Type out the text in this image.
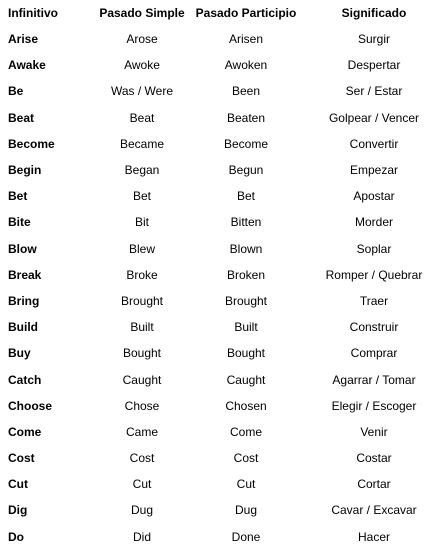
Infinitivo	Pasado Simple	Pasado Participio	Significado
Arise	Arose	Arisen	Surgir
Awake	Awoke	Awoken	Despertar
Be	Was / Were	Been	Ser / Estar
Beat	Beat	Beaten	Golpear / Vencer
Become	Became	Become	Convertir
Begin	Began	Begun	Empezar
Bet	Bet	Bet	Apostar
Bite	Bit	Bitten	Morder
Blow	Blew	Blown	Soplar
Break	Broke	Broken	Romper / Quebrar
Bring	Brought	Brought	Traer
Build	Built	Built	Construir
Buy	Bought	Bought	Comprar
Catch	Caught	Caught	Agarrar / Tomar
Choose	Chose	Chosen	Elegir / Escoger
Come	Came	Come	Venir
Cost	Cost	Cost	Costar
Cut	Cut	Cut	Cortar
Dig	Dug	Dug	Cavar / Excavar
Do	Did	Done	Hacer
